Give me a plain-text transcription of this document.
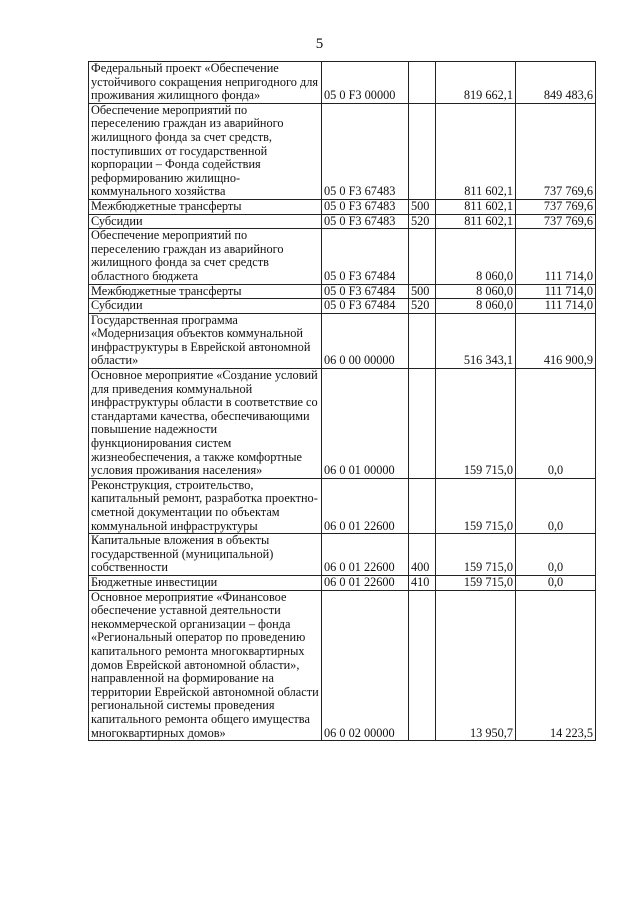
5
Федеральный проект «Обеспечение устойчивого сокращения непригодного для проживания жилищного фонда»	05 0 F3 00000		819 662,1	849 483,6
Обеспечение мероприятий по переселению граждан из аварийного жилищного фонда за счет средств, поступивших от государственной корпорации – Фонда содействия реформированию жилищно-коммунального хозяйства	05 0 F3 67483		811 602,1	737 769,6
Межбюджетные трансферты	05 0 F3 67483	500	811 602,1	737 769,6
Субсидии	05 0 F3 67483	520	811 602,1	737 769,6
Обеспечение мероприятий по переселению граждан из аварийного жилищного фонда за счет средств областного бюджета	05 0 F3 67484		8 060,0	111 714,0
Межбюджетные трансферты	05 0 F3 67484	500	8 060,0	111 714,0
Субсидии	05 0 F3 67484	520	8 060,0	111 714,0
Государственная программа «Модернизация объектов коммунальной инфраструктуры в Еврейской автономной области»	06 0 00 00000		516 343,1	416 900,9
Основное мероприятие «Создание условий для приведения коммунальной инфраструктуры области в соответствие со стандартами качества, обеспечивающими повышение надежности функционирования систем жизнеобеспечения, а также комфортные условия проживания населения»	06 0 01 00000		159 715,0	0,0
Реконструкция, строительство, капитальный ремонт, разработка проектно-сметной документации по объектам коммунальной инфраструктуры	06 0 01 22600		159 715,0	0,0
Капитальные вложения в объекты государственной (муниципальной) собственности	06 0 01 22600	400	159 715,0	0,0
Бюджетные инвестиции	06 0 01 22600	410	159 715,0	0,0
Основное мероприятие «Финансовое обеспечение уставной деятельности некоммерческой организации – фонда «Региональный оператор по проведению капитального ремонта многоквартирных домов Еврейской автономной области», направленной на формирование на территории Еврейской автономной области региональной системы проведения капитального ремонта общего имущества многоквартирных домов»	06 0 02 00000		13 950,7	14 223,5
